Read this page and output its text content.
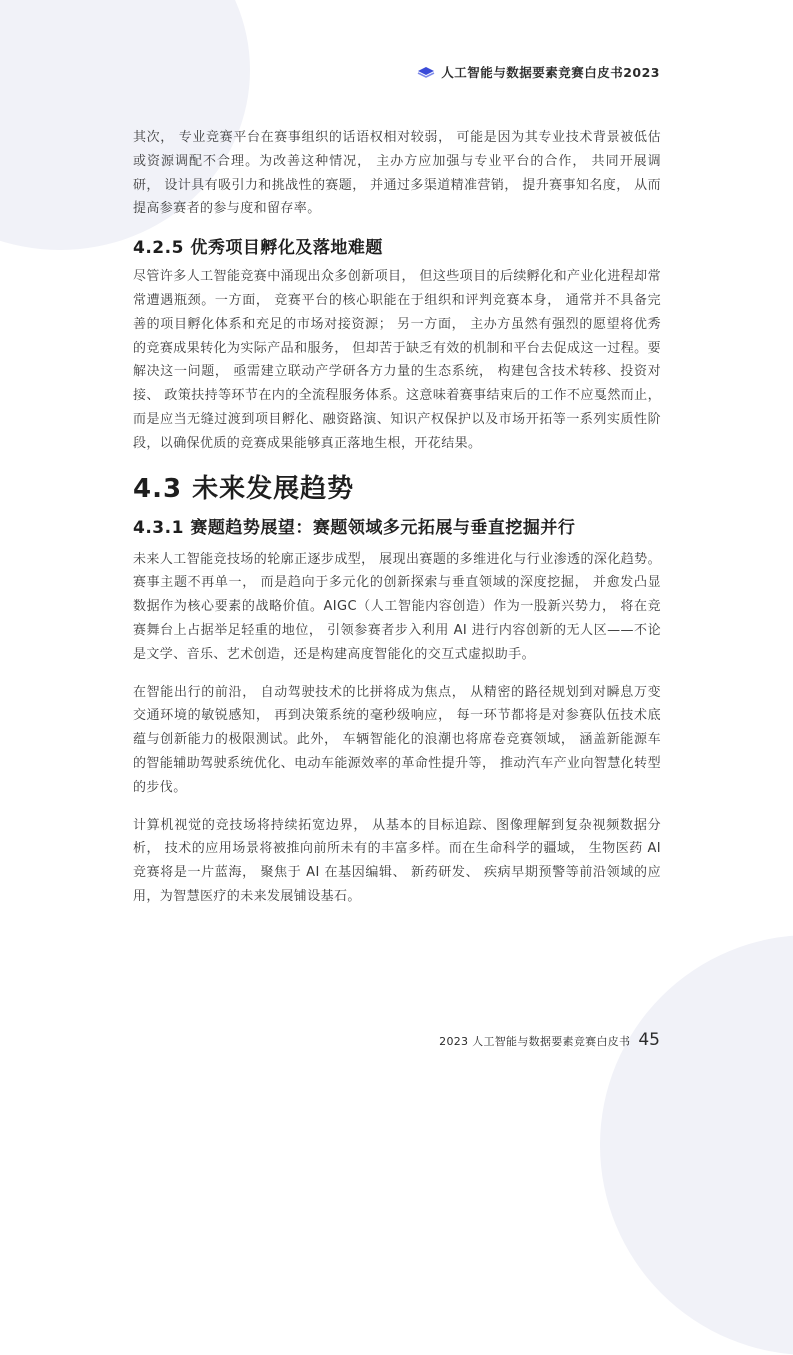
人工智能与数据要素竞赛白皮书2023

其次， 专业竞赛平台在赛事组织的话语权相对较弱， 可能是因为其专业技术背景被低估或资源调配不合理。为改善这种情况， 主办方应加强与专业平台的合作， 共同开展调研， 设计具有吸引力和挑战性的赛题， 并通过多渠道精准营销， 提升赛事知名度， 从而提高参赛者的参与度和留存率。

4.2.5 优秀项目孵化及落地难题

尽管许多人工智能竞赛中涌现出众多创新项目， 但这些项目的后续孵化和产业化进程却常常遭遇瓶颈。一方面， 竞赛平台的核心职能在于组织和评判竞赛本身， 通常并不具备完善的项目孵化体系和充足的市场对接资源； 另一方面， 主办方虽然有强烈的愿望将优秀的竞赛成果转化为实际产品和服务， 但却苦于缺乏有效的机制和平台去促成这一过程。要解决这一问题， 亟需建立联动产学研各方力量的生态系统， 构建包含技术转移、投资对接、 政策扶持等环节在内的全流程服务体系。这意味着赛事结束后的工作不应戛然而止， 而是应当无缝过渡到项目孵化、融资路演、知识产权保护以及市场开拓等一系列实质性阶段，以确保优质的竞赛成果能够真正落地生根，开花结果。

4.3 未来发展趋势
4.3.1 赛题趋势展望：赛题领域多元拓展与垂直挖掘并行

未来人工智能竞技场的轮廓正逐步成型， 展现出赛题的多维进化与行业渗透的深化趋势。赛事主题不再单一， 而是趋向于多元化的创新探索与垂直领域的深度挖掘， 并愈发凸显数据作为核心要素的战略价值。AIGC（人工智能内容创造）作为一股新兴势力， 将在竞赛舞台上占据举足轻重的地位， 引领参赛者步入利用 AI 进行内容创新的无人区——不论是文学、音乐、艺术创造，还是构建高度智能化的交互式虚拟助手。

在智能出行的前沿， 自动驾驶技术的比拼将成为焦点， 从精密的路径规划到对瞬息万变交通环境的敏锐感知， 再到决策系统的毫秒级响应， 每一环节都将是对参赛队伍技术底蕴与创新能力的极限测试。此外， 车辆智能化的浪潮也将席卷竞赛领域， 涵盖新能源车的智能辅助驾驶系统优化、电动车能源效率的革命性提升等， 推动汽车产业向智慧化转型的步伐。

计算机视觉的竞技场将持续拓宽边界， 从基本的目标追踪、图像理解到复杂视频数据分析， 技术的应用场景将被推向前所未有的丰富多样。而在生命科学的疆域， 生物医药 AI 竞赛将是一片蓝海， 聚焦于 AI 在基因编辑、 新药研发、 疾病早期预警等前沿领域的应用，为智慧医疗的未来发展铺设基石。

2023 人工智能与数据要素竞赛白皮书 45
